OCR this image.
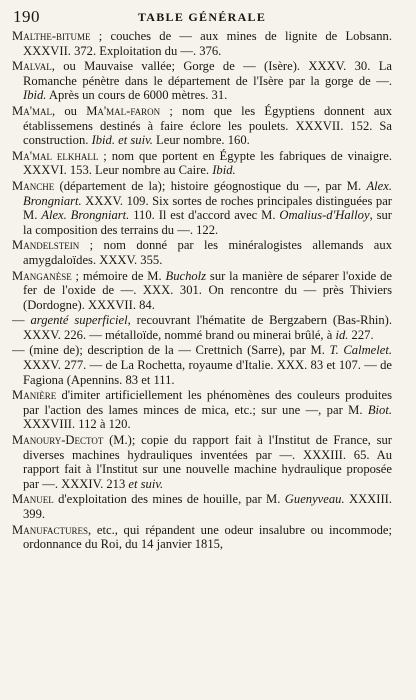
190	TABLE GÉNÉRALE

Malthe-bitume ; couches de — aux mines de lignite de Lobsann. XXXVII. 372. Exploitation du —. 376.

Malval, ou Mauvaise vallée; Gorge de — (Isère). XXXV. 30. La Romanche pénètre dans le département de l'Isère par la gorge de —. Ibid. Après un cours de 6000 mètres. 31.

Ma'mal, ou Ma'mal-faron ; nom que les Égyptiens donnent aux établissemens destinés à faire éclore les poulets. XXXVII. 152. Sa construction. Ibid. et suiv. Leur nombre. 160.

Ma'mal elkhall ; nom que portent en Égypte les fabriques de vinaigre. XXXVI. 153. Leur nombre au Caire. Ibid.

Manche (département de la); histoire géognostique du —, par M. Alex. Brongniart. XXXV. 109. Six sortes de roches principales distinguées par M. Alex. Brongniart. 110. Il est d'accord avec M. Omalius-d'Halloy, sur la composition des terrains du —. 122.

Mandelstein ; nom donné par les minéralogistes allemands aux amygdaloïdes. XXXV. 355.

Manganèse ; mémoire de M. Bucholz sur la manière de séparer l'oxide de fer de l'oxide de —. XXX. 301. On rencontre du — près Thiviers (Dordogne). XXXVII. 84.

— argenté superficiel, recouvrant l'hématite de Bergzabern (Bas-Rhin). XXXV. 226. — métalloïde, nommé brand ou minerai brûlé, à id. 227.

— (mine de); description de la — Crettnich (Sarre), par M. T. Calmelet. XXXV. 277. — de La Rochetta, royaume d'Italie. XXX. 83 et 107. — de Fagiona (Apennins. 83 et 111.

Manière d'imiter artificiellement les phénomènes des couleurs produites par l'action des lames minces de mica, etc.; sur une —, par M. Biot. XXXVIII. 112 à 120.

Manoury-Dectot (M.); copie du rapport fait à l'Institut de France, sur diverses machines hydrauliques inventées par —. XXXIII. 65. Au rapport fait à l'Institut sur une nouvelle machine hydraulique proposée par —. XXXIV. 213 et suiv.

Manuel d'exploitation des mines de houille, par M. Guenyveau. XXXIII. 399.

Manufactures, etc., qui répandent une odeur insalubre ou incommode; ordonnance du Roi, du 14 janvier 1815,
